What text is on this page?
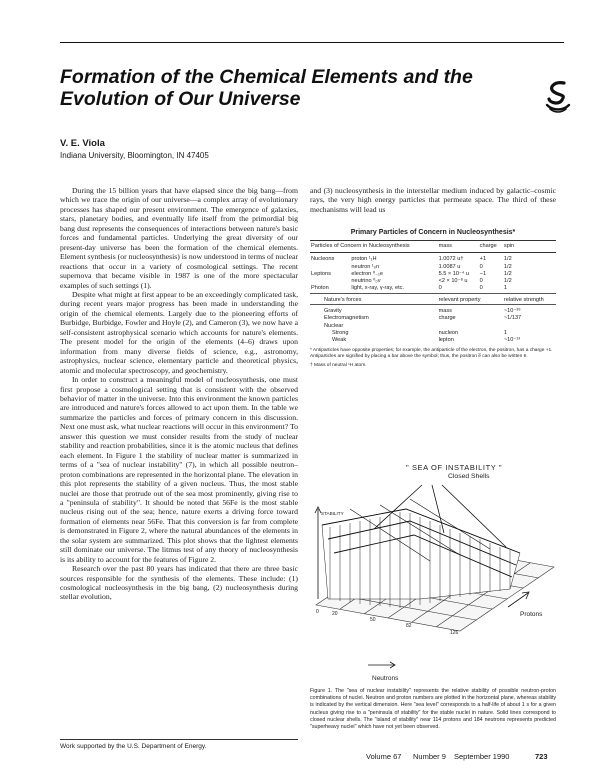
Formation of the Chemical Elements and the Evolution of Our Universe
V. E. Viola
Indiana University, Bloomington, IN 47405

During the 15 billion years that have elapsed since the big bang—from which we trace the origin of our universe—a complex array of evolutionary processes has shaped our present environment. The emergence of galaxies, stars, planetary bodies, and eventually life itself from the primordial big bang dust represents the consequences of interactions between nature's basic forces and fundamental particles. Underlying the great diversity of our present-day universe has been the formation of the chemical elements. Element synthesis (or nucleosynthesis) is now understood in terms of nuclear reactions that occur in a variety of cosmological settings. The recent supernova that became visible in 1987 is one of the more spectacular examples of such settings (1).

Despite what might at first appear to be an exceedingly complicated task, during recent years major progress has been made in understanding the origin of the chemical elements. Largely due to the pioneering efforts of Burbidge, Burbidge, Fowler and Hoyle (2), and Cameron (3), we now have a self-consistent astrophysical scenario which accounts for nature's elements. The present model for the origin of the elements (4–6) draws upon information from many diverse fields of science, e.g., astronomy, astrophysics, nuclear science, elementary particle and theoretical physics, atomic and molecular spectroscopy, and geochemistry.

In order to construct a meaningful model of nucleosynthesis, one must first propose a cosmological setting that is consistent with the observed behavior of matter in the universe. Into this environment the known particles are introduced and nature's forces allowed to act upon them. In the table we summarize the particles and forces of primary concern in this discussion. Next one must ask, what nuclear reactions will occur in this environment? To answer this question we must consider results from the study of nuclear stability and reaction probabilities, since it is the atomic nucleus that defines each element. In Figure 1 the stability of nuclear matter is summarized in terms of a "sea of nuclear instability" (7), in which all possible neutron–proton combinations are represented in the horizontal plane. The elevation in this plot represents the stability of a given nucleus. Thus, the most stable nuclei are those that protrude out of the sea most prominently, giving rise to a "peninsula of stability". It should be noted that 56Fe is the most stable nucleus rising out of the sea; hence, nature exerts a driving force toward formation of elements near 56Fe. That this conversion is far from complete is demonstrated in Figure 2, where the natural abundances of the elements in the solar system are summarized. This plot shows that the lightest elements still dominate our universe. The litmus test of any theory of nucleosynthesis is its ability to account for the features of Figure 2.

Research over the past 80 years has indicated that there are three basic sources responsible for the synthesis of the elements. These include: (1) cosmological nucleosynthesis in the big bang, (2) nucleosynthesis during stellar evolution,

and (3) nucleosynthesis in the interstellar medium induced by galactic–cosmic rays, the very high energy particles that permeate space. The third of these mechanisms will lead us

Primary Particles of Concern in Nucleosynthesis*
Particles of Concern in Nucleosynthesis		mass	charge	spin

Nucleons	proton ¹₁H	1.0072 u†	+1	1/2
	neutron ¹₀n	1.0087 u	0	1/2
Leptons	electron ⁰₋₁e	5.5 × 10⁻⁴ u	−1	1/2
	neutrino ⁰₀ν	<2 × 10⁻⁸ u	0	1/2
Photon	light, x-ray, γ-ray, etc.	0	0	1

Nature's forces		relevant property		relative strength

Gravity		mass		~10⁻³⁹
Electromagnetism		charge		~1/137
Nuclear				
Strong		nucleon		1
Weak		lepton		~10⁻¹³
* Antiparticles have opposite properties; for example, the antiparticle of the electron, the positron, has a charge +1. Antiparticles are signified by placing a bar above the symbol; thus, the positron e̅ can also be written ē.
† Mass of neutral ¹H atom.
" SEA OF INSTABILITY "
Closed Shells
STABILITY
Protons
Neutrons
0	20
50
82
126
Figure 1. The "sea of nuclear instability" represents the relative stability of possible neutron-proton combinations of nuclei. Neutron and proton numbers are plotted in the horizontal plane, whereas stability is indicated by the vertical dimension. Here "sea level" corresponds to a half-life of about 1 s for a given nucleus giving rise to a "peninsula of stability" for the stable nuclei in nature. Solid lines correspond to closed nuclear shells. The "island of stability" near 114 protons and 184 neutrons represents predicted "superheavy nuclei" which have not yet been observed.
Work supported by the U.S. Department of Energy.
Volume 67 Number 9 September 1990	723
